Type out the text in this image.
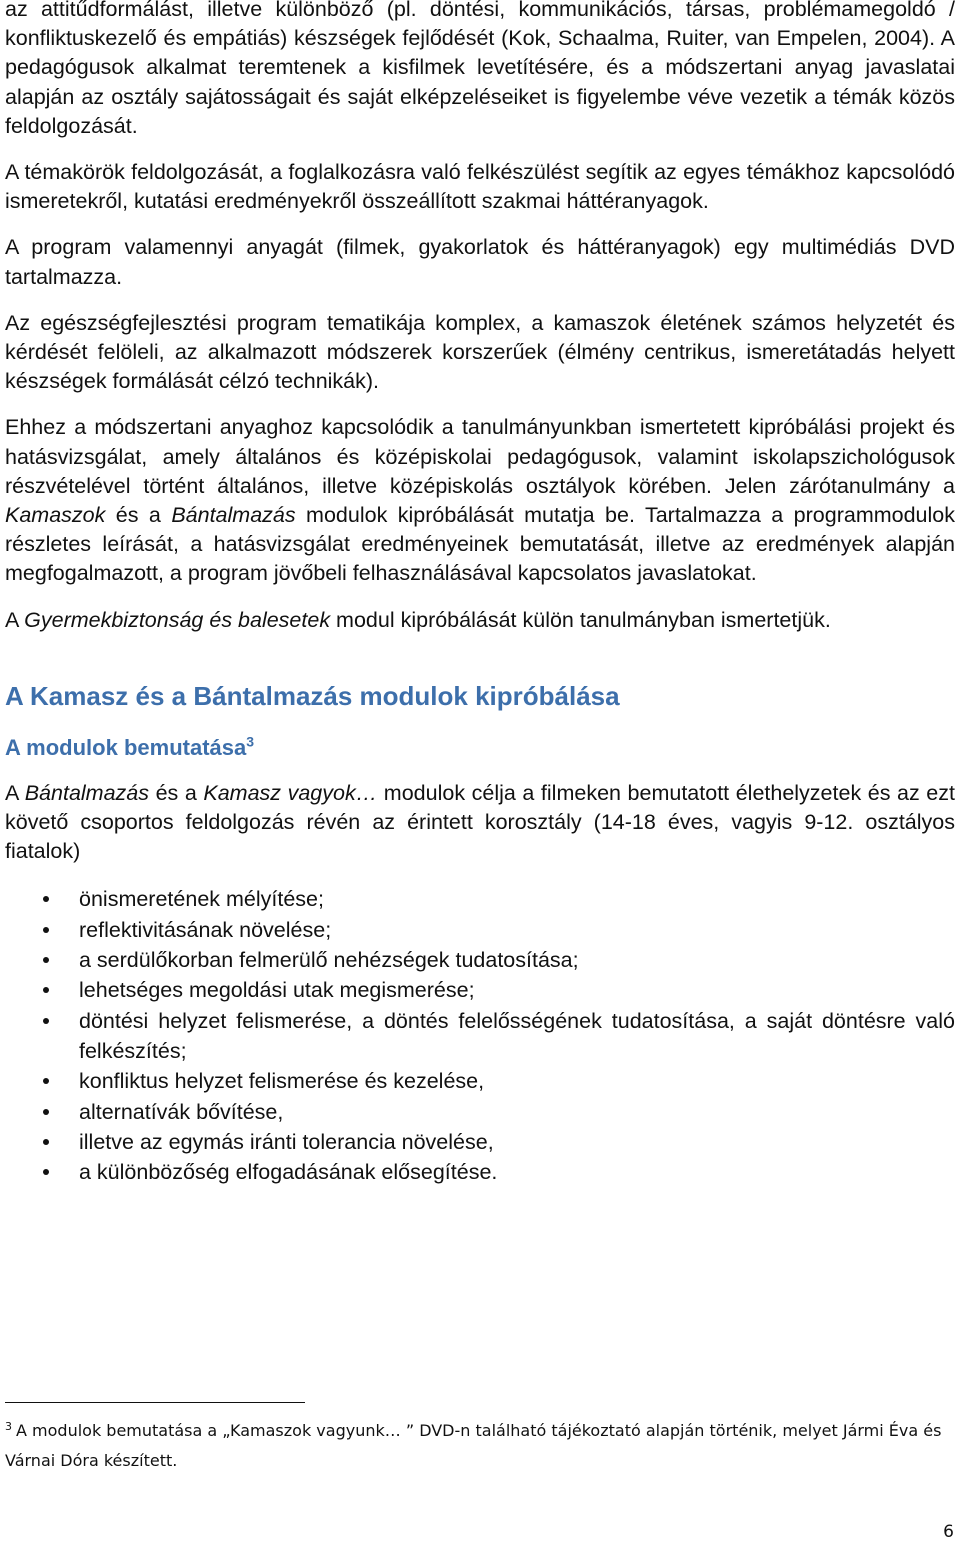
az attitűdformálást, illetve különböző (pl. döntési, kommunikációs, társas, problémamegoldó / konfliktuskezelő és empátiás) készségek fejlődését (Kok, Schaalma, Ruiter, van Empelen, 2004). A pedagógusok alkalmat teremtenek a kisfilmek levetítésére, és a módszertani anyag javaslatai alapján az osztály sajátosságait és saját elképzeléseiket is figyelembe véve vezetik a témák közös feldolgozását.

A témakörök feldolgozását, a foglalkozásra való felkészülést segítik az egyes témákhoz kapcsolódó ismeretekről, kutatási eredményekről összeállított szakmai háttéranyagok.

A program valamennyi anyagát (filmek, gyakorlatok és háttéranyagok) egy multimédiás DVD tartalmazza.

Az egészségfejlesztési program tematikája komplex, a kamaszok életének számos helyzetét és kérdését felöleli, az alkalmazott módszerek korszerűek (élmény centrikus, ismeretátadás helyett készségek formálását célzó technikák).

Ehhez a módszertani anyaghoz kapcsolódik a tanulmányunkban ismertetett kipróbálási projekt és hatásvizsgálat, amely általános és középiskolai pedagógusok, valamint iskolapszichológusok részvételével történt általános, illetve középiskolás osztályok körében. Jelen zárótanulmány a Kamaszok és a Bántalmazás modulok kipróbálását mutatja be. Tartalmazza a programmodulok részletes leírását, a hatásvizsgálat eredményeinek bemutatását, illetve az eredmények alapján megfogalmazott, a program jövőbeli felhasználásával kapcsolatos javaslatokat.

A Gyermekbiztonság és balesetek modul kipróbálását külön tanulmányban ismertetjük.

A Kamasz és a Bántalmazás modulok kipróbálása
A modulok bemutatása$^3$

A Bántalmazás és a Kamasz vagyok… modulok célja a filmeken bemutatott élethelyzetek és az ezt követő csoportos feldolgozás révén az érintett korosztály (14-18 éves, vagyis 9-12. osztályos fiatalok)

önismeretének mélyítése;
reflektivitásának növelése;
a serdülőkorban felmerülő nehézségek tudatosítása;
lehetséges megoldási utak megismerése;
döntési helyzet felismerése, a döntés felelősségének tudatosítása, a saját döntésre való felkészítés;
konfliktus helyzet felismerése és kezelése,
alternatívák bővítése,
illetve az egymás iránti tolerancia növelése,
a különbözőség elfogadásának elősegítése.
$^3$ A modulok bemutatása a „Kamaszok vagyunk… ” DVD-n található tájékoztató alapján történik, melyet Jármi Éva és Várnai Dóra készített.
6
